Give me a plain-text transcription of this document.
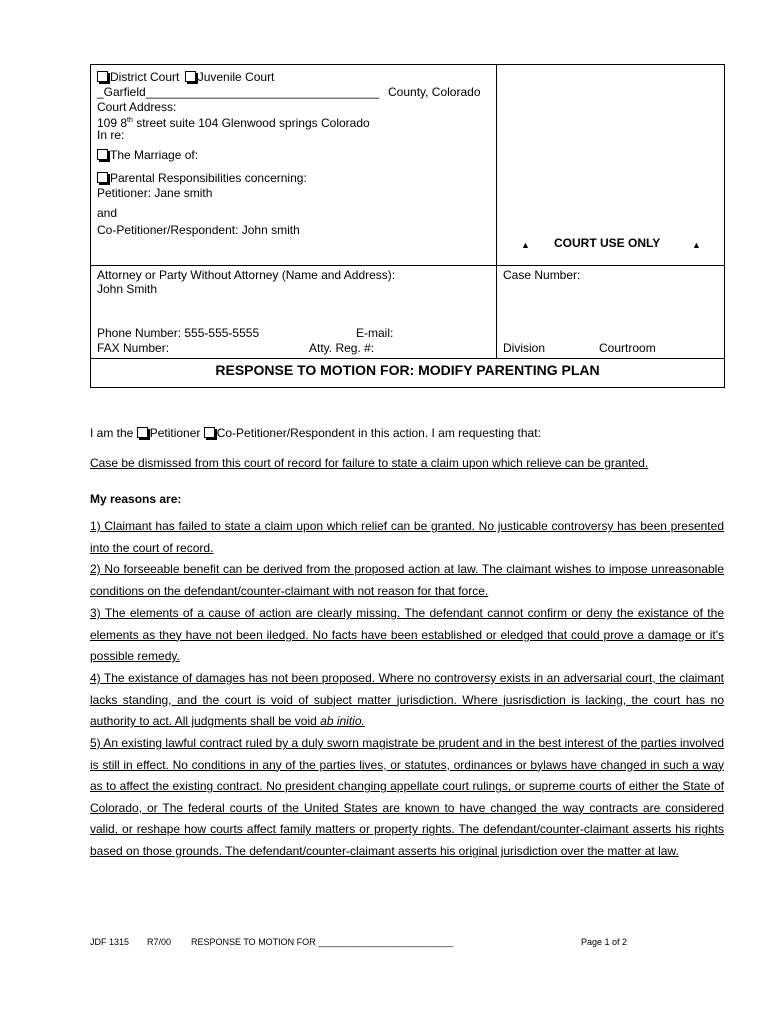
District Court Juvenile Court
_Garfield___________________________________ County, Colorado
Court Address:
109 8th street suite 104 Glenwood springs Colorado
In re:
The Marriage of:
Parental Responsibilities concerning:
Petitioner: Jane smith
and
Co-Petitioner/Respondent: John smith
▲ COURT USE ONLY	▲
Attorney or Party Without Attorney (Name and Address):
John Smith
Phone Number: 555-555-5555	E-mail:
FAX Number:	Atty. Reg. #:
Case Number:
Division	Courtroom
RESPONSE TO MOTION FOR: MODIFY PARENTING PLAN
I am the Petitioner Co-Petitioner/Respondent in this action. I am requesting that:
Case be dismissed from this court of record for failure to state a claim upon which relieve can be granted.
My reasons are:
1) Claimant has failed to state a claim upon which relief can be granted. No justicable controversy has been presented into the court of record.
2) No forseeable benefit can be derived from the proposed action at law. The claimant wishes to impose unreasonable conditions on the defendant/counter-claimant with not reason for that force.
3) The elements of a cause of action are clearly missing. The defendant cannot confirm or deny the existance of the elements as they have not been iledged. No facts have been established or eledged that could prove a damage or it's possible remedy.
4) The existance of damages has not been proposed. Where no controversy exists in an adversarial court, the claimant lacks standing, and the court is void of subject matter jurisdiction. Where jusrisdiction is lacking, the court has no authority to act. All judgments shall be void ab initio.
5) An existing lawful contract ruled by a duly sworn magistrate be prudent and in the best interest of the parties involved is still in effect. No conditions in any of the parties lives, or statutes, ordinances or bylaws have changed in such a way as to affect the existing contract. No president changing appellate court rulings, or supreme courts of either the State of Colorado, or The federal courts of the United States are known to have changed the way contracts are considered valid, or reshape how courts affect family matters or property rights. The defendant/counter-claimant asserts his rights based on those grounds. The defendant/counter-claimant asserts his original jurisdiction over the matter at law.
JDF 1315 R7/00 RESPONSE TO MOTION FOR ___________________________	Page 1 of 2
